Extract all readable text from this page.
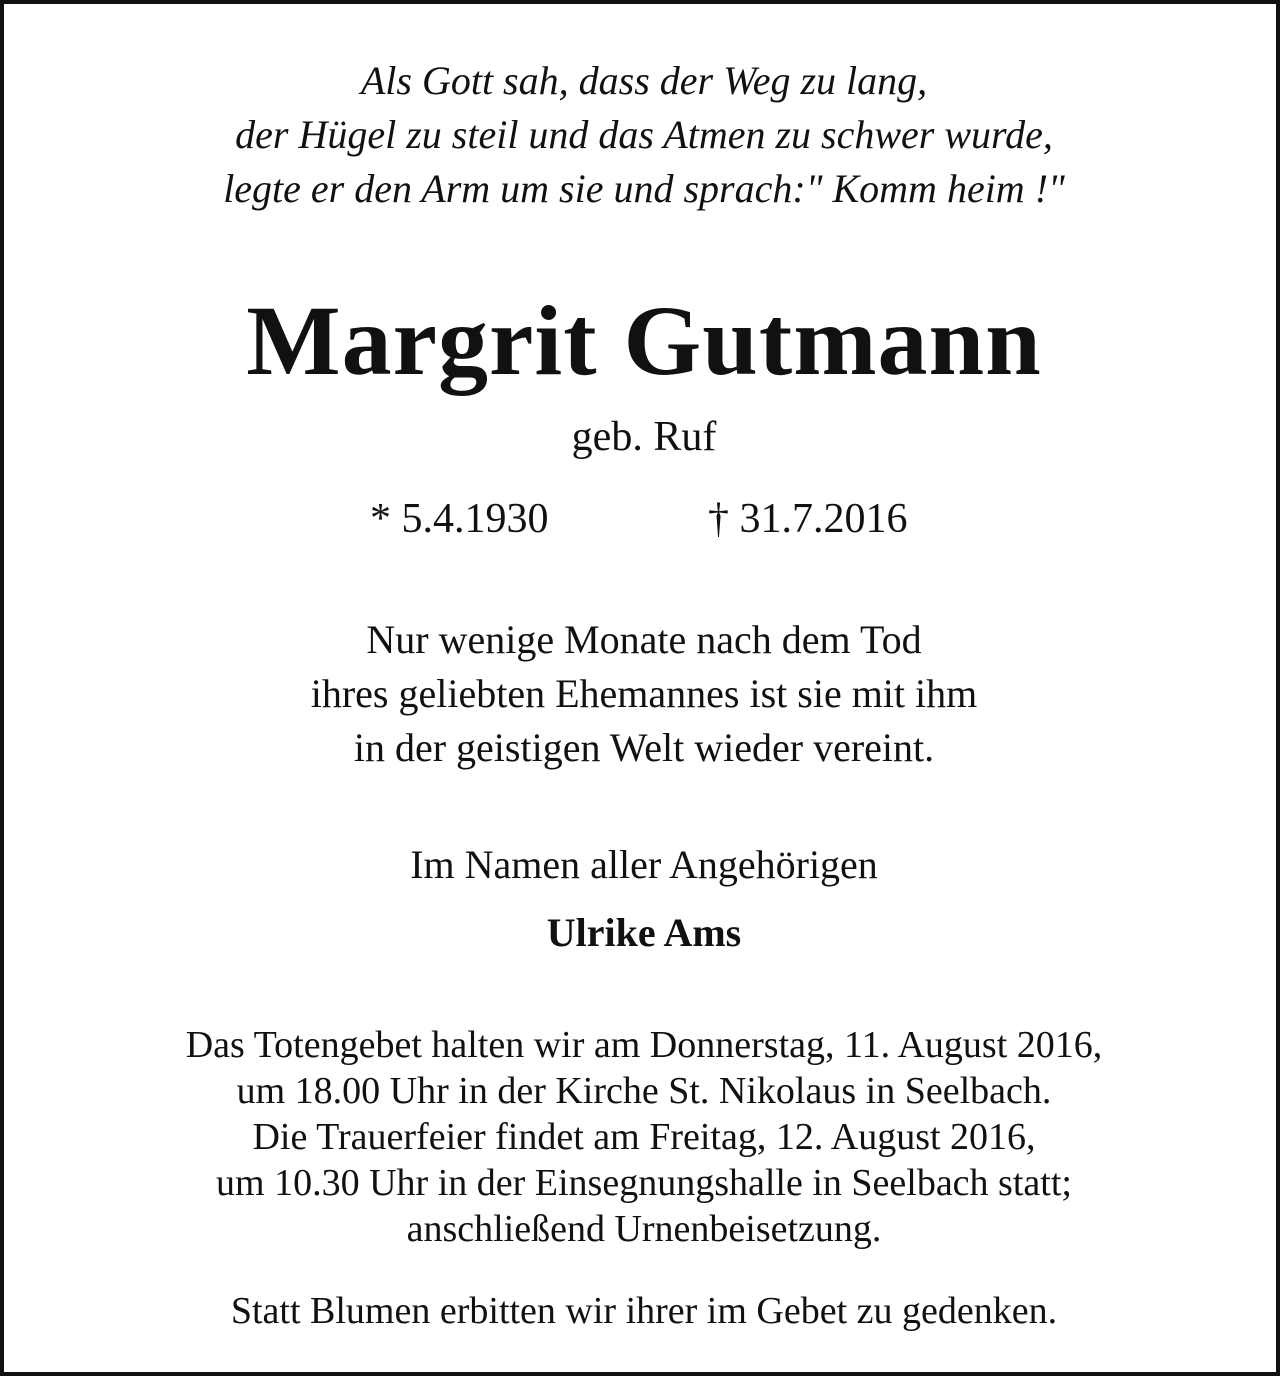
Als Gott sah, dass der Weg zu lang,
der Hügel zu steil und das Atmen zu schwer wurde,
legte er den Arm um sie und sprach:" Komm heim !"
Margrit Gutmann
geb. Ruf
* 5.4.1930	† 31.7.2016
Nur wenige Monate nach dem Tod
ihres geliebten Ehemannes ist sie mit ihm
in der geistigen Welt wieder vereint.
Im Namen aller Angehörigen
Ulrike Ams
Das Totengebet halten wir am Donnerstag, 11. August 2016,
um 18.00 Uhr in der Kirche St. Nikolaus in Seelbach.
Die Trauerfeier findet am Freitag, 12. August 2016,
um 10.30 Uhr in der Einsegnungshalle in Seelbach statt;
anschließend Urnenbeisetzung.
Statt Blumen erbitten wir ihrer im Gebet zu gedenken.
